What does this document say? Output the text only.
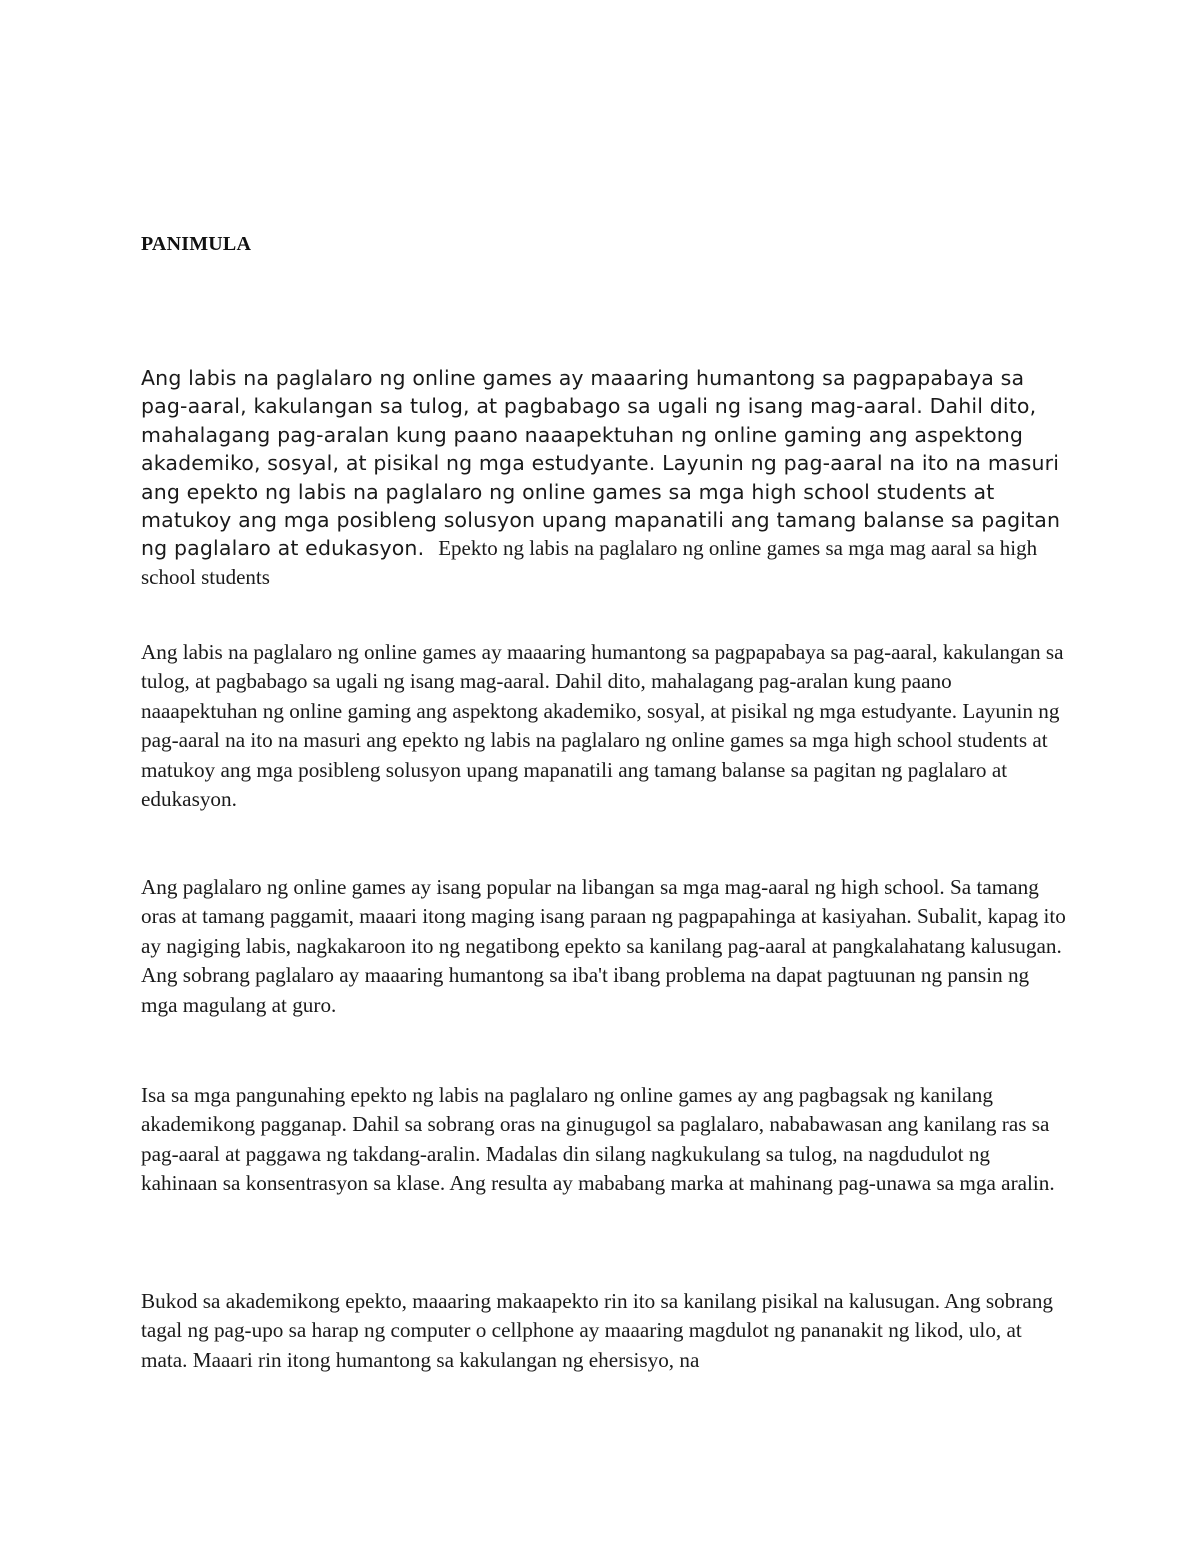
PANIMULA

Ang labis na paglalaro ng online games ay maaaring humantong sa pagpapabaya sa pag-aaral, kakulangan sa tulog, at pagbabago sa ugali ng isang mag-aaral. Dahil dito, mahalagang pag-aralan kung paano naaapektuhan ng online gaming ang aspektong akademiko, sosyal, at pisikal ng mga estudyante. Layunin ng pag-aaral na ito na masuri ang epekto ng labis na paglalaro ng online games sa mga high school students at matukoy ang mga posibleng solusyon upang mapanatili ang tamang balanse sa pagitan ng paglalaro at edukasyon. Epekto ng labis na paglalaro ng online games sa mga mag aaral sa high school students

Ang labis na paglalaro ng online games ay maaaring humantong sa pagpapabaya sa pag-aaral, kakulangan sa tulog, at pagbabago sa ugali ng isang mag-aaral. Dahil dito, mahalagang pag-aralan kung paano naaapektuhan ng online gaming ang aspektong akademiko, sosyal, at pisikal ng mga estudyante. Layunin ng pag-aaral na ito na masuri ang epekto ng labis na paglalaro ng online games sa mga high school students at matukoy ang mga posibleng solusyon upang mapanatili ang tamang balanse sa pagitan ng paglalaro at edukasyon.

Ang paglalaro ng online games ay isang popular na libangan sa mga mag-aaral ng high school. Sa tamang oras at tamang paggamit, maaari itong maging isang paraan ng pagpapahinga at kasiyahan. Subalit, kapag ito ay nagiging labis, nagkakaroon ito ng negatibong epekto sa kanilang pag-aaral at pangkalahatang kalusugan. Ang sobrang paglalaro ay maaaring humantong sa iba't ibang problema na dapat pagtuunan ng pansin ng mga magulang at guro.

Isa sa mga pangunahing epekto ng labis na paglalaro ng online games ay ang pagbagsak ng kanilang akademikong pagganap. Dahil sa sobrang oras na ginugugol sa paglalaro, nababawasan ang kanilang ras sa pag-aaral at paggawa ng takdang-aralin. Madalas din silang nagkukulang sa tulog, na nagdudulot ng kahinaan sa konsentrasyon sa klase. Ang resulta ay mababang marka at mahinang pag-unawa sa mga aralin.

Bukod sa akademikong epekto, maaaring makaapekto rin ito sa kanilang pisikal na kalusugan. Ang sobrang tagal ng pag-upo sa harap ng computer o cellphone ay maaaring magdulot ng pananakit ng likod, ulo, at mata. Maaari rin itong humantong sa kakulangan ng ehersisyo, na
